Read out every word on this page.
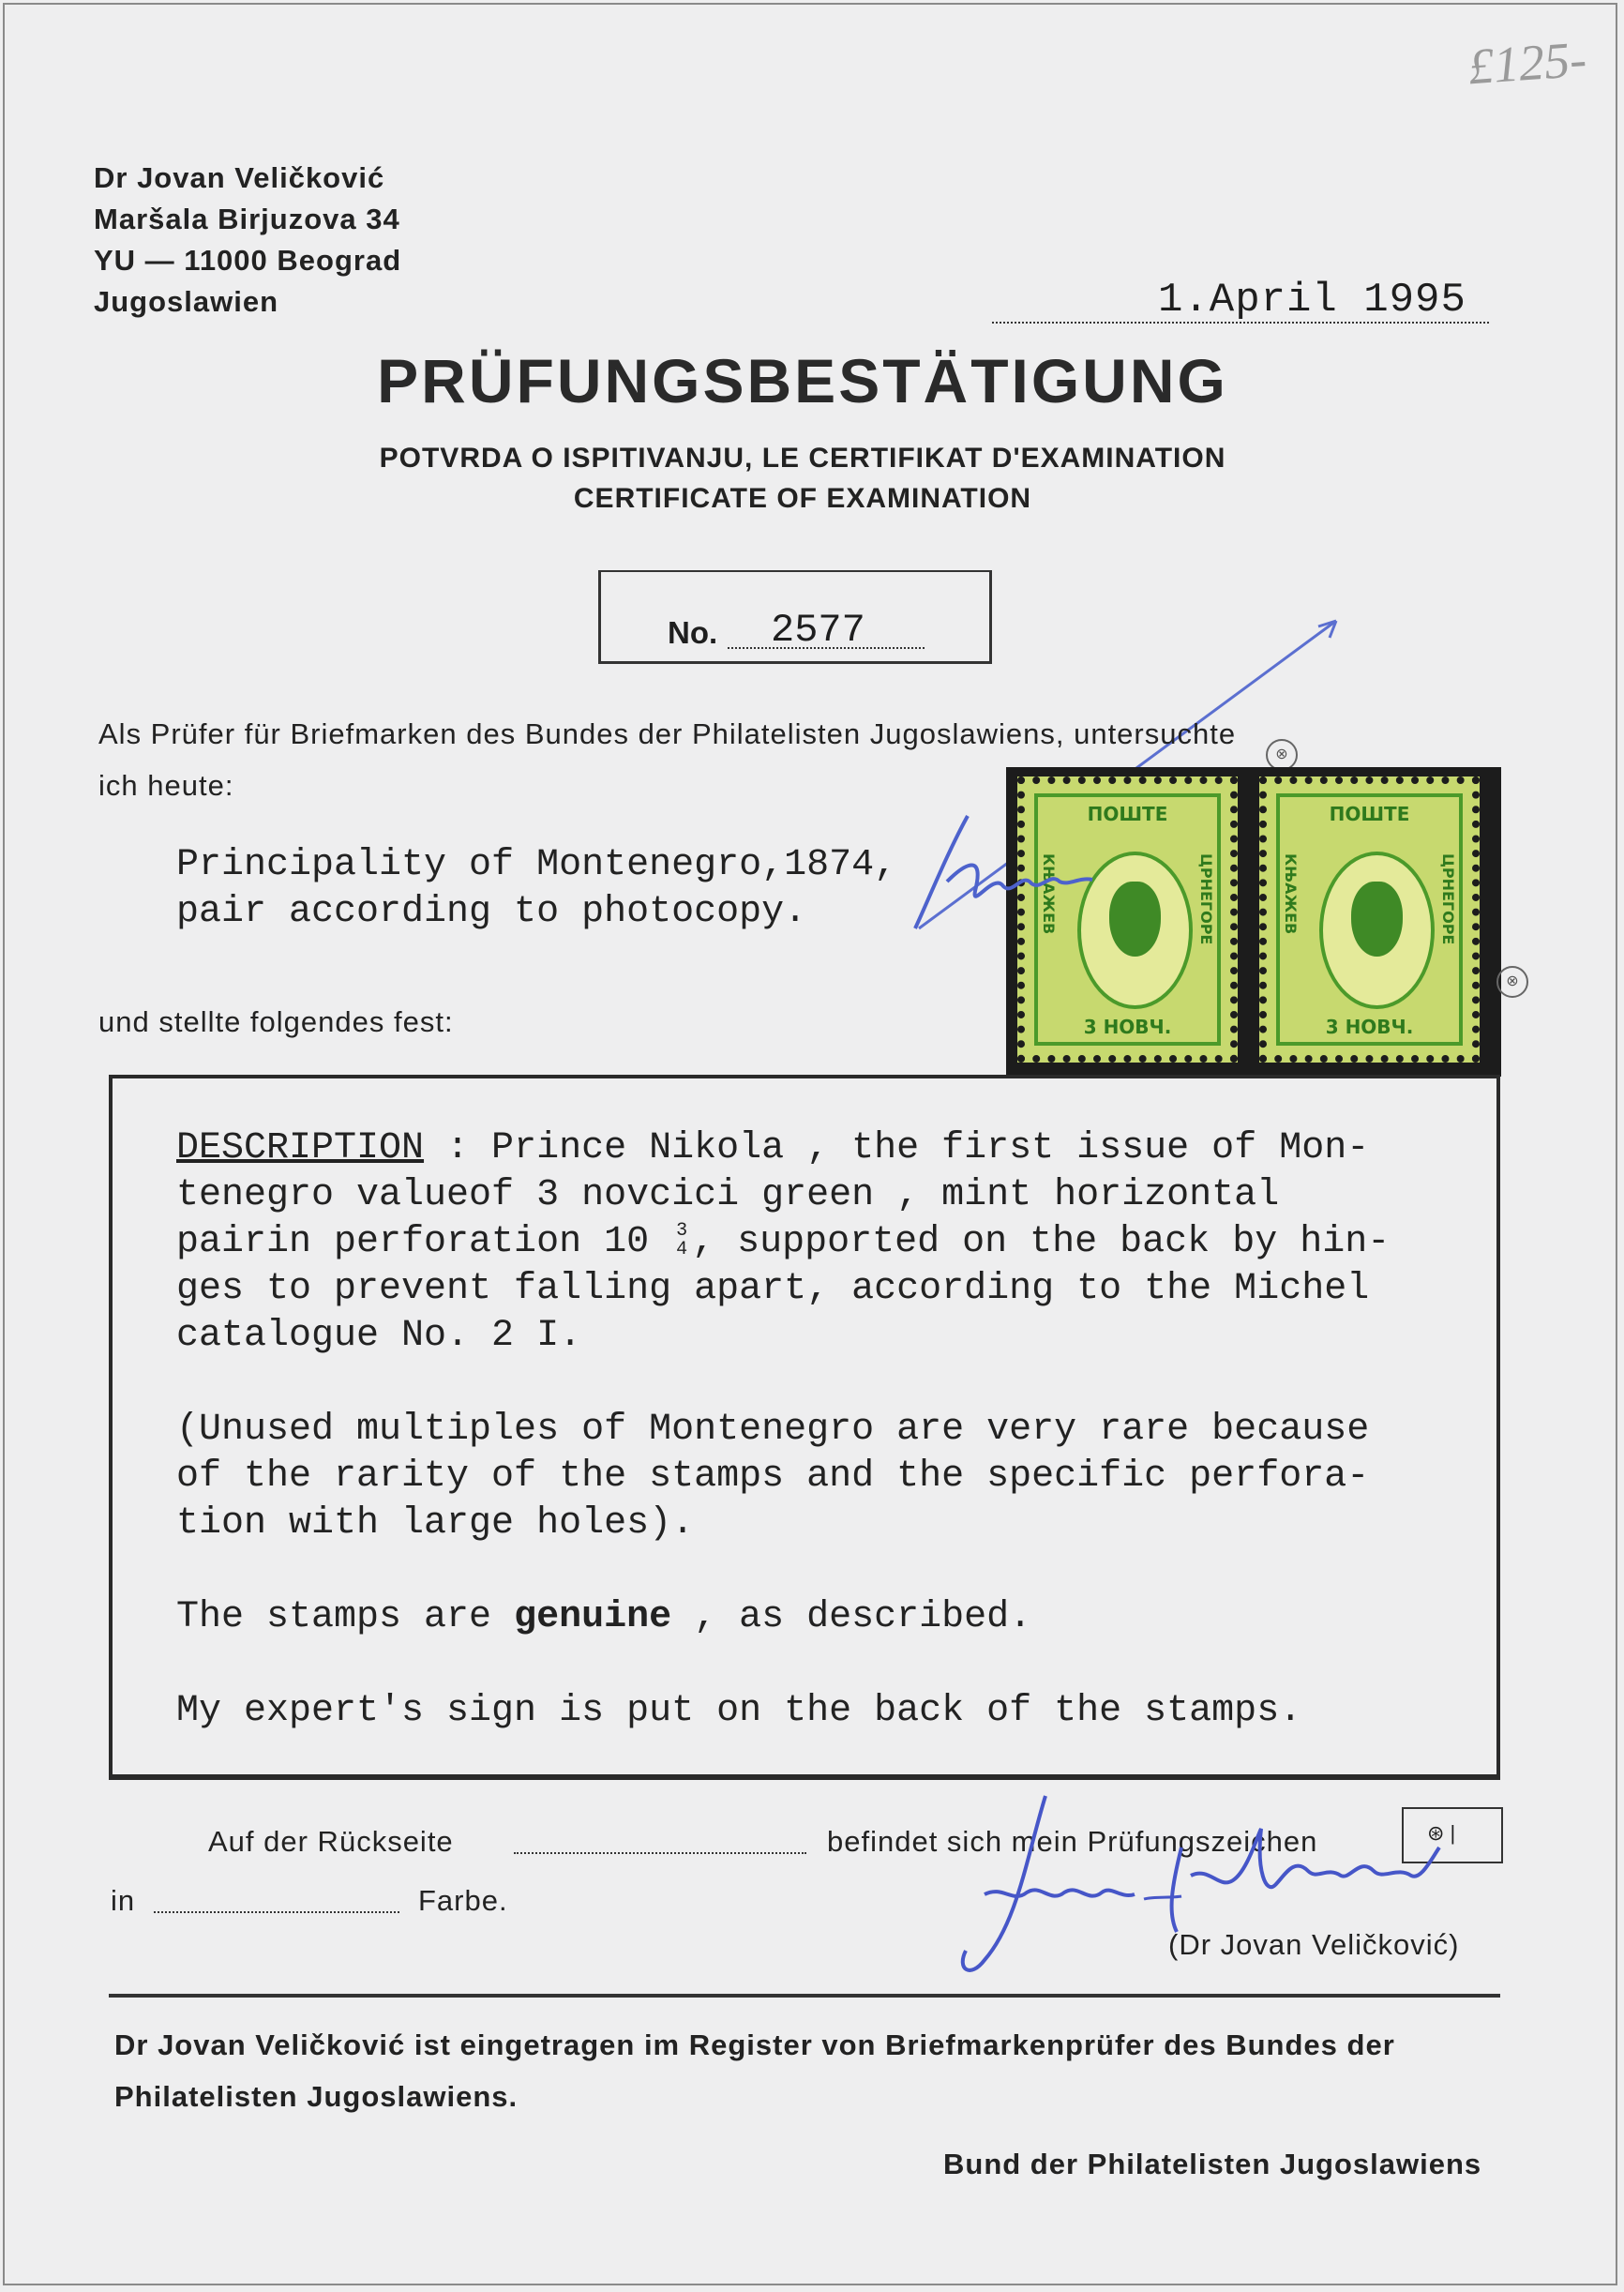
£125-
Dr Jovan Veličković
Maršala Birjuzova 34
YU — 11000 Beograd
Jugoslawien	1.April 1995
PRÜFUNGSBESTÄTIGUNG
POTVRDA O ISPITIVANJU, LE CERTIFIKAT D'EXAMINATION
CERTIFICATE OF EXAMINATION
No. 2577
Als Prüfer für Briefmarken des Bundes der Philatelisten Jugoslawiens, untersuchte
ich heute:
⊗
Principality of Montenegro,1874,
pair according to photocopy.
ПОШТЕ
КЊАЖЕВ	ЦРНЕГОРЕ
3 НОВЧ.
ПОШТЕ
КЊАЖЕВ	ЦРНЕГОРЕ
3 НОВЧ.
⊗
und stellte folgendes fest:
DESCRIPTION : Prince Nikola , the first issue of Mon-
tenegro valueof 3 novcici green , mint horizontal
pairin perforation 10 3
4 , supported on the back by hin-
ges to prevent falling apart, according to the Michel
catalogue No. 2 I.
(Unused multiples of Montenegro are very rare because
of the rarity of the stamps and the specific perfora-
tion with large holes).
The stamps are genuine , as described.
My expert's sign is put on the back of the stamps.
Auf der Rückseite	befindet sich mein Prüfungszeichen	⊛ |
in	Farbe.
(Dr Jovan Veličković)
Dr Jovan Veličković ist eingetragen im Register von Briefmarkenprüfer des Bundes der
Philatelisten Jugoslawiens.
Bund der Philatelisten Jugoslawiens
